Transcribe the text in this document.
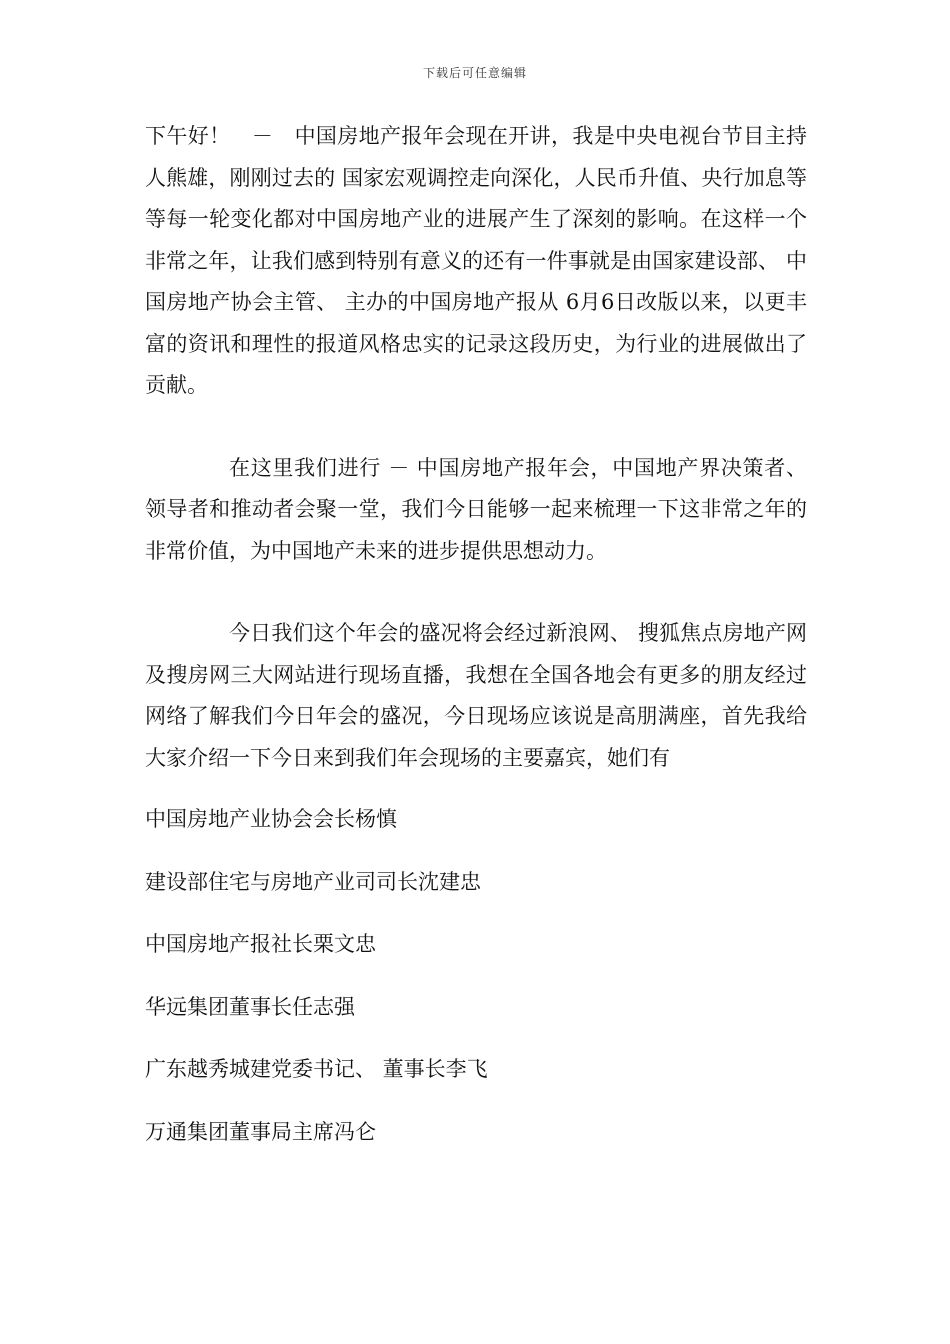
下载后可任意编辑

下午好！　－　中国房地产报年会现在开讲，我是中央电视台节目主持人熊雄，刚刚过去的 国家宏观调控走向深化，人民币升值、央行加息等等每一轮变化都对中国房地产业的进展产生了深刻的影响。在这样一个非常之年，让我们感到特别有意义的还有一件事就是由国家建设部、 中国房地产协会主管、 主办的中国房地产报从 6月6日改版以来，以更丰富的资讯和理性的报道风格忠实的记录这段历史，为行业的进展做出了贡献。

在这里我们进行 － 中国房地产报年会，中国地产界决策者、 领导者和推动者会聚一堂，我们今日能够一起来梳理一下这非常之年的非常价值，为中国地产未来的进步提供思想动力。

今日我们这个年会的盛况将会经过新浪网、 搜狐焦点房地产网及搜房网三大网站进行现场直播，我想在全国各地会有更多的朋友经过网络了解我们今日年会的盛况，今日现场应该说是高朋满座，首先我给大家介绍一下今日来到我们年会现场的主要嘉宾，她们有

中国房地产业协会会长杨慎
建设部住宅与房地产业司司长沈建忠
中国房地产报社长栗文忠
华远集团董事长任志强
广东越秀城建党委书记、 董事长李飞
万通集团董事局主席冯仑
